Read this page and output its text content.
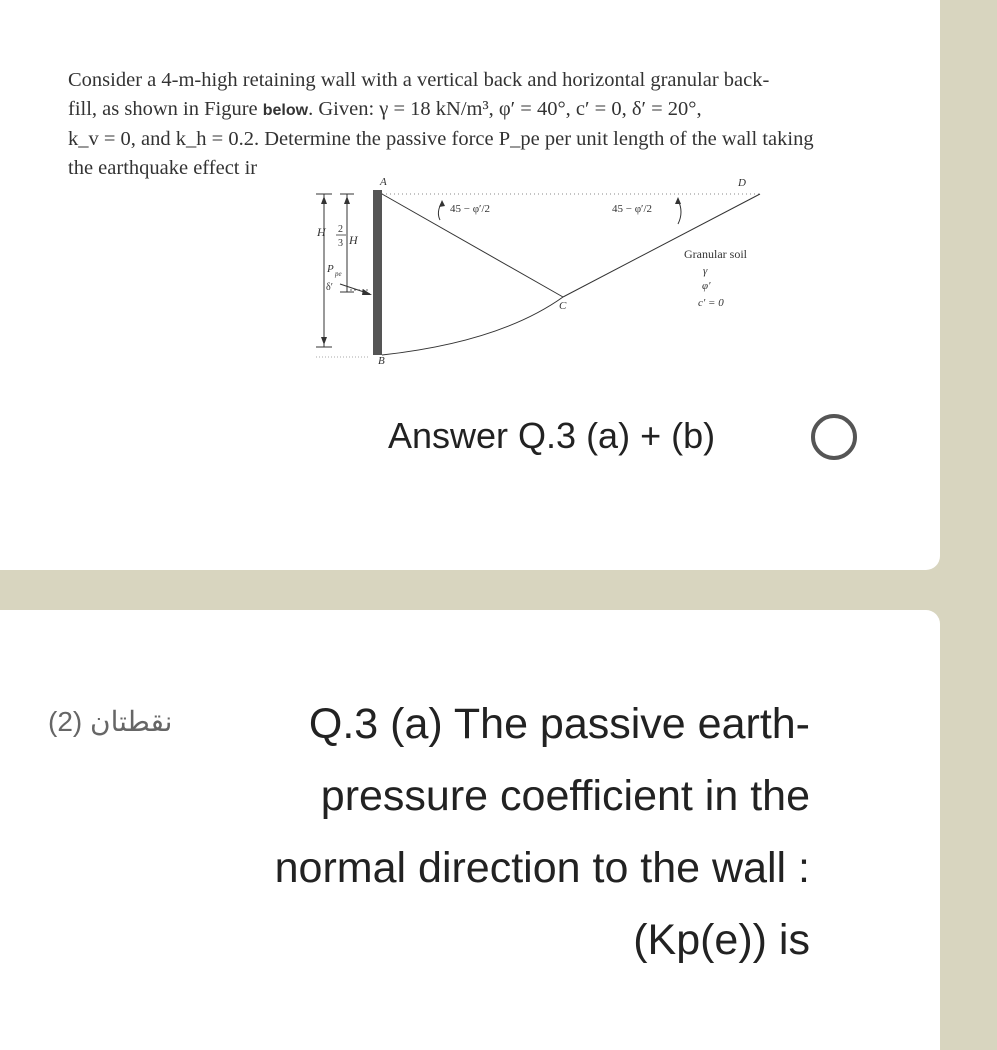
Consider a 4-m-high retaining wall with a vertical back and horizontal granular back-
fill, as shown in Figure below. Given: γ = 18 kN/m³, φ′ = 40°, c′ = 0, δ′ = 20°,
k_v = 0, and k_h = 0.2. Determine the passive force P_pe per unit length of the wall taking
the earthquake effect ir
A
B
C
D
H 2
3 H
P pe
δ′
45 − φ′/2	45 − φ′/2
Granular soil
γ
φ′
c′ = 0
Answer Q.3 (a) + (b)
نقطتان (2)	Q.3 (a) The passive earth-pressure coefficient in the normal direction to the wall :(Kp(e)) is
